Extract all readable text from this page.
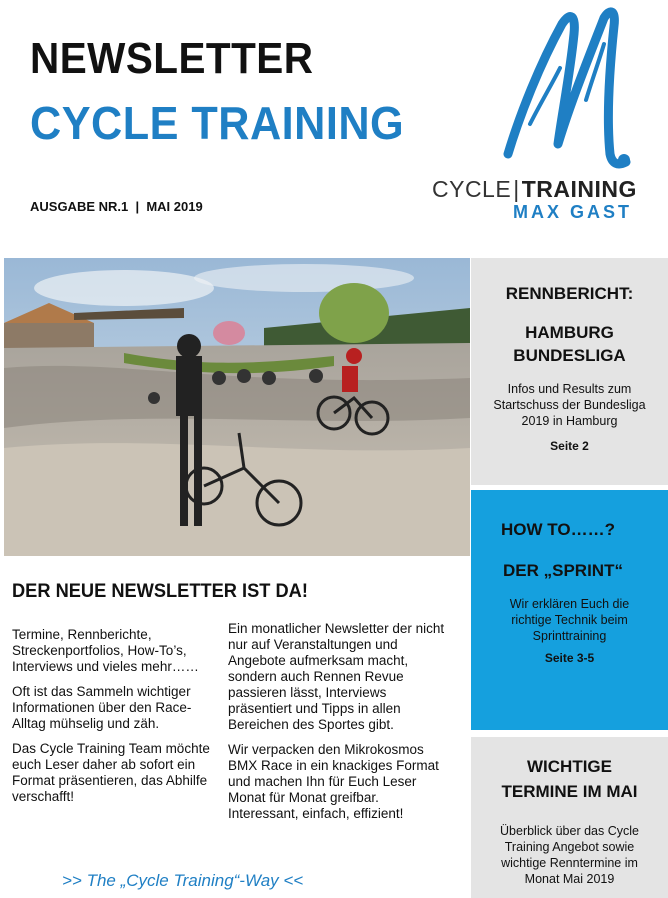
NEWSLETTER
CYCLE TRAINING
AUSGABE NR.1  |  MAI 2019
CYCLE|TRAINING
MAX GAST
RENNBERICHT:
HAMBURG
BUNDESLIGA
Infos und Results zum
Startschuss der Bundesliga
2019 in Hamburg
Seite 2
HOW TO……?
DER „SPRINT“
Wir erklären Euch die
richtige Technik beim
Sprinttraining
Seite 3-5
WICHTIGE
TERMINE IM MAI
Überblick über das Cycle
Training Angebot sowie
wichtige Renntermine im
Monat Mai 2019
DER NEUE NEWSLETTER IST DA!

Termine, Rennberichte, Streckenportfolios, How-To’s, Interviews und vieles mehr……

Oft ist das Sammeln wichtiger Informationen über den Race-Alltag mühselig und zäh.

Das Cycle Training Team möchte euch Leser daher ab sofort ein Format präsentieren, das Abhilfe verschafft!

Ein monatlicher Newsletter der nicht nur auf Veranstaltungen und Angebote aufmerksam macht, sondern auch Rennen Revue passieren lässt, Interviews präsentiert und Tipps in allen Bereichen des Sportes gibt.

Wir verpacken den Mikrokosmos BMX Race in ein knackiges Format und machen Ihn für Euch Leser Monat für Monat greifbar.

Interessant, einfach, effizient!

>> The „Cycle Training“-Way <<
